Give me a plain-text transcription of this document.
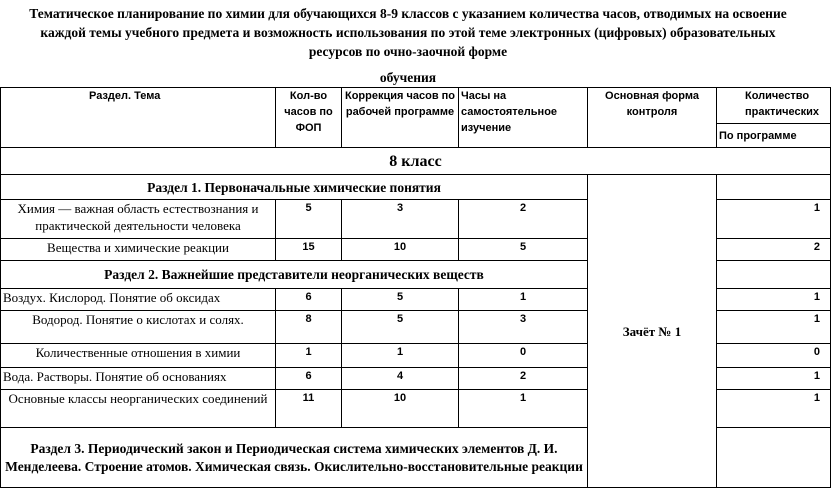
Тематическое планирование по химии для обучающихся 8-9 классов с указанием количества часов, отводимых на освоение
каждой темы учебного предмета и возможность использования по этой теме электронных (цифровых) образовательных
ресурсов по очно-заочной форме
обучения
Раздел. Тема	Кол-во часов по ФОП	Коррекция часов по рабочей программе	Часы на самостоятельное изучение	Основная форма контроля	Количество практических
					По программе
8 класс					
Раздел 1. Первоначальные химические понятия				Зачёт № 1	
Химия — важная область естествознания и практической деятельности человека	5	3	2		1
Вещества и химические реакции	15	10	5		2
Раздел 2. Важнейшие представители неорганических веществ					
Воздух. Кислород. Понятие об оксидах	6	5	1		1
Водород. Понятие о кислотах и солях.	8	5	3		1
Количественные отношения в химии	1	1	0		0
Вода. Растворы. Понятие об основаниях	6	4	2		1
Основные классы неорганических соединений	11	10	1		1
Раздел 3. Периодический закон и Периодическая система химических элементов Д. И. Менделеева. Строение атомов. Химическая связь. Окислительно-восстановительные реакции					
